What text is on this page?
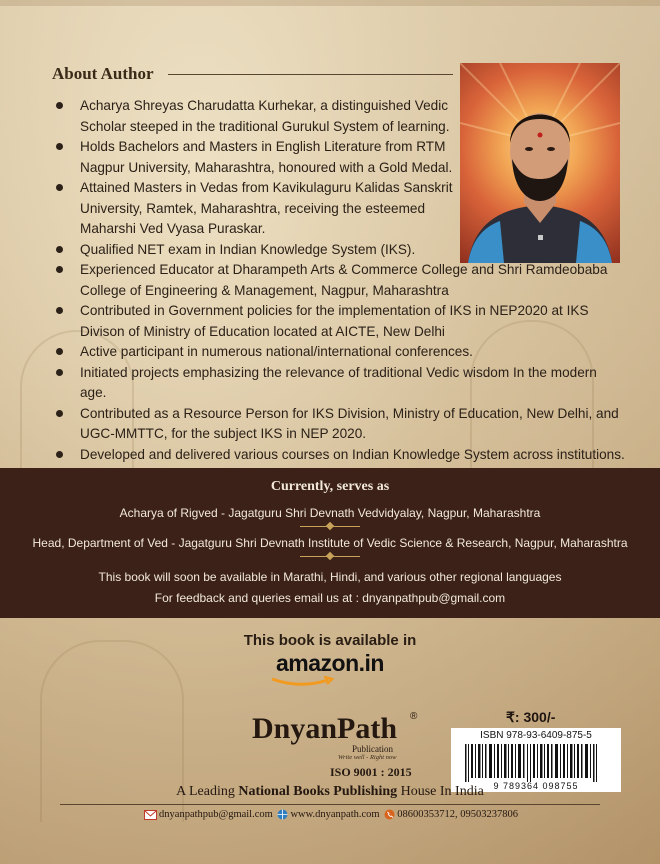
About Author
Acharya Shreyas Charudatta Kurhekar, a distinguished Vedic Scholar steeped in the traditional Gurukul System of learning.
Holds Bachelors and Masters in English Literature from RTM Nagpur University, Maharashtra, honoured with a Gold Medal.
Attained Masters in Vedas from Kavikulaguru Kalidas Sanskrit University, Ramtek, Maharashtra, receiving the esteemed Maharshi Ved Vyasa Puraskar.
Qualified NET exam in Indian Knowledge System (IKS).
Experienced Educator at Dharampeth Arts & Commerce College and Shri Ramdeobaba College of Engineering & Management, Nagpur, Maharashtra
Contributed in Government policies for the implementation of IKS in NEP2020 at IKS Divison of Ministry of Education located at AICTE, New Delhi
Active participant in numerous national/international conferences.
Initiated projects emphasizing the relevance of traditional Vedic wisdom In the modern age.
Contributed as a Resource Person for IKS Division, Ministry of Education, New Delhi, and UGC-MMTTC, for the subject IKS in NEP 2020.
Developed and delivered various courses on Indian Knowledge System across institutions.
Currently, serves as
Acharya of Rigved - Jagatguru Shri Devnath Vedvidyalay, Nagpur, Maharashtra
Head, Department of Ved - Jagatguru Shri Devnath Institute of Vedic Science & Research, Nagpur, Maharashtra
This book will soon be available in Marathi, Hindi, and various other regional languages
For feedback and queries email us at : dnyanpathpub@gmail.com
This book is available in
amazon.in
₹: 300/-
ISBN 978-93-6409-875-5
9 789364 098755
DnyanPath ®
Publication
Write well - Right now
ISO 9001 : 2015
A Leading National Books Publishing House In India
dnyanpathpub@gmail.com www.dnyanpath.com 08600353712, 09503237806
